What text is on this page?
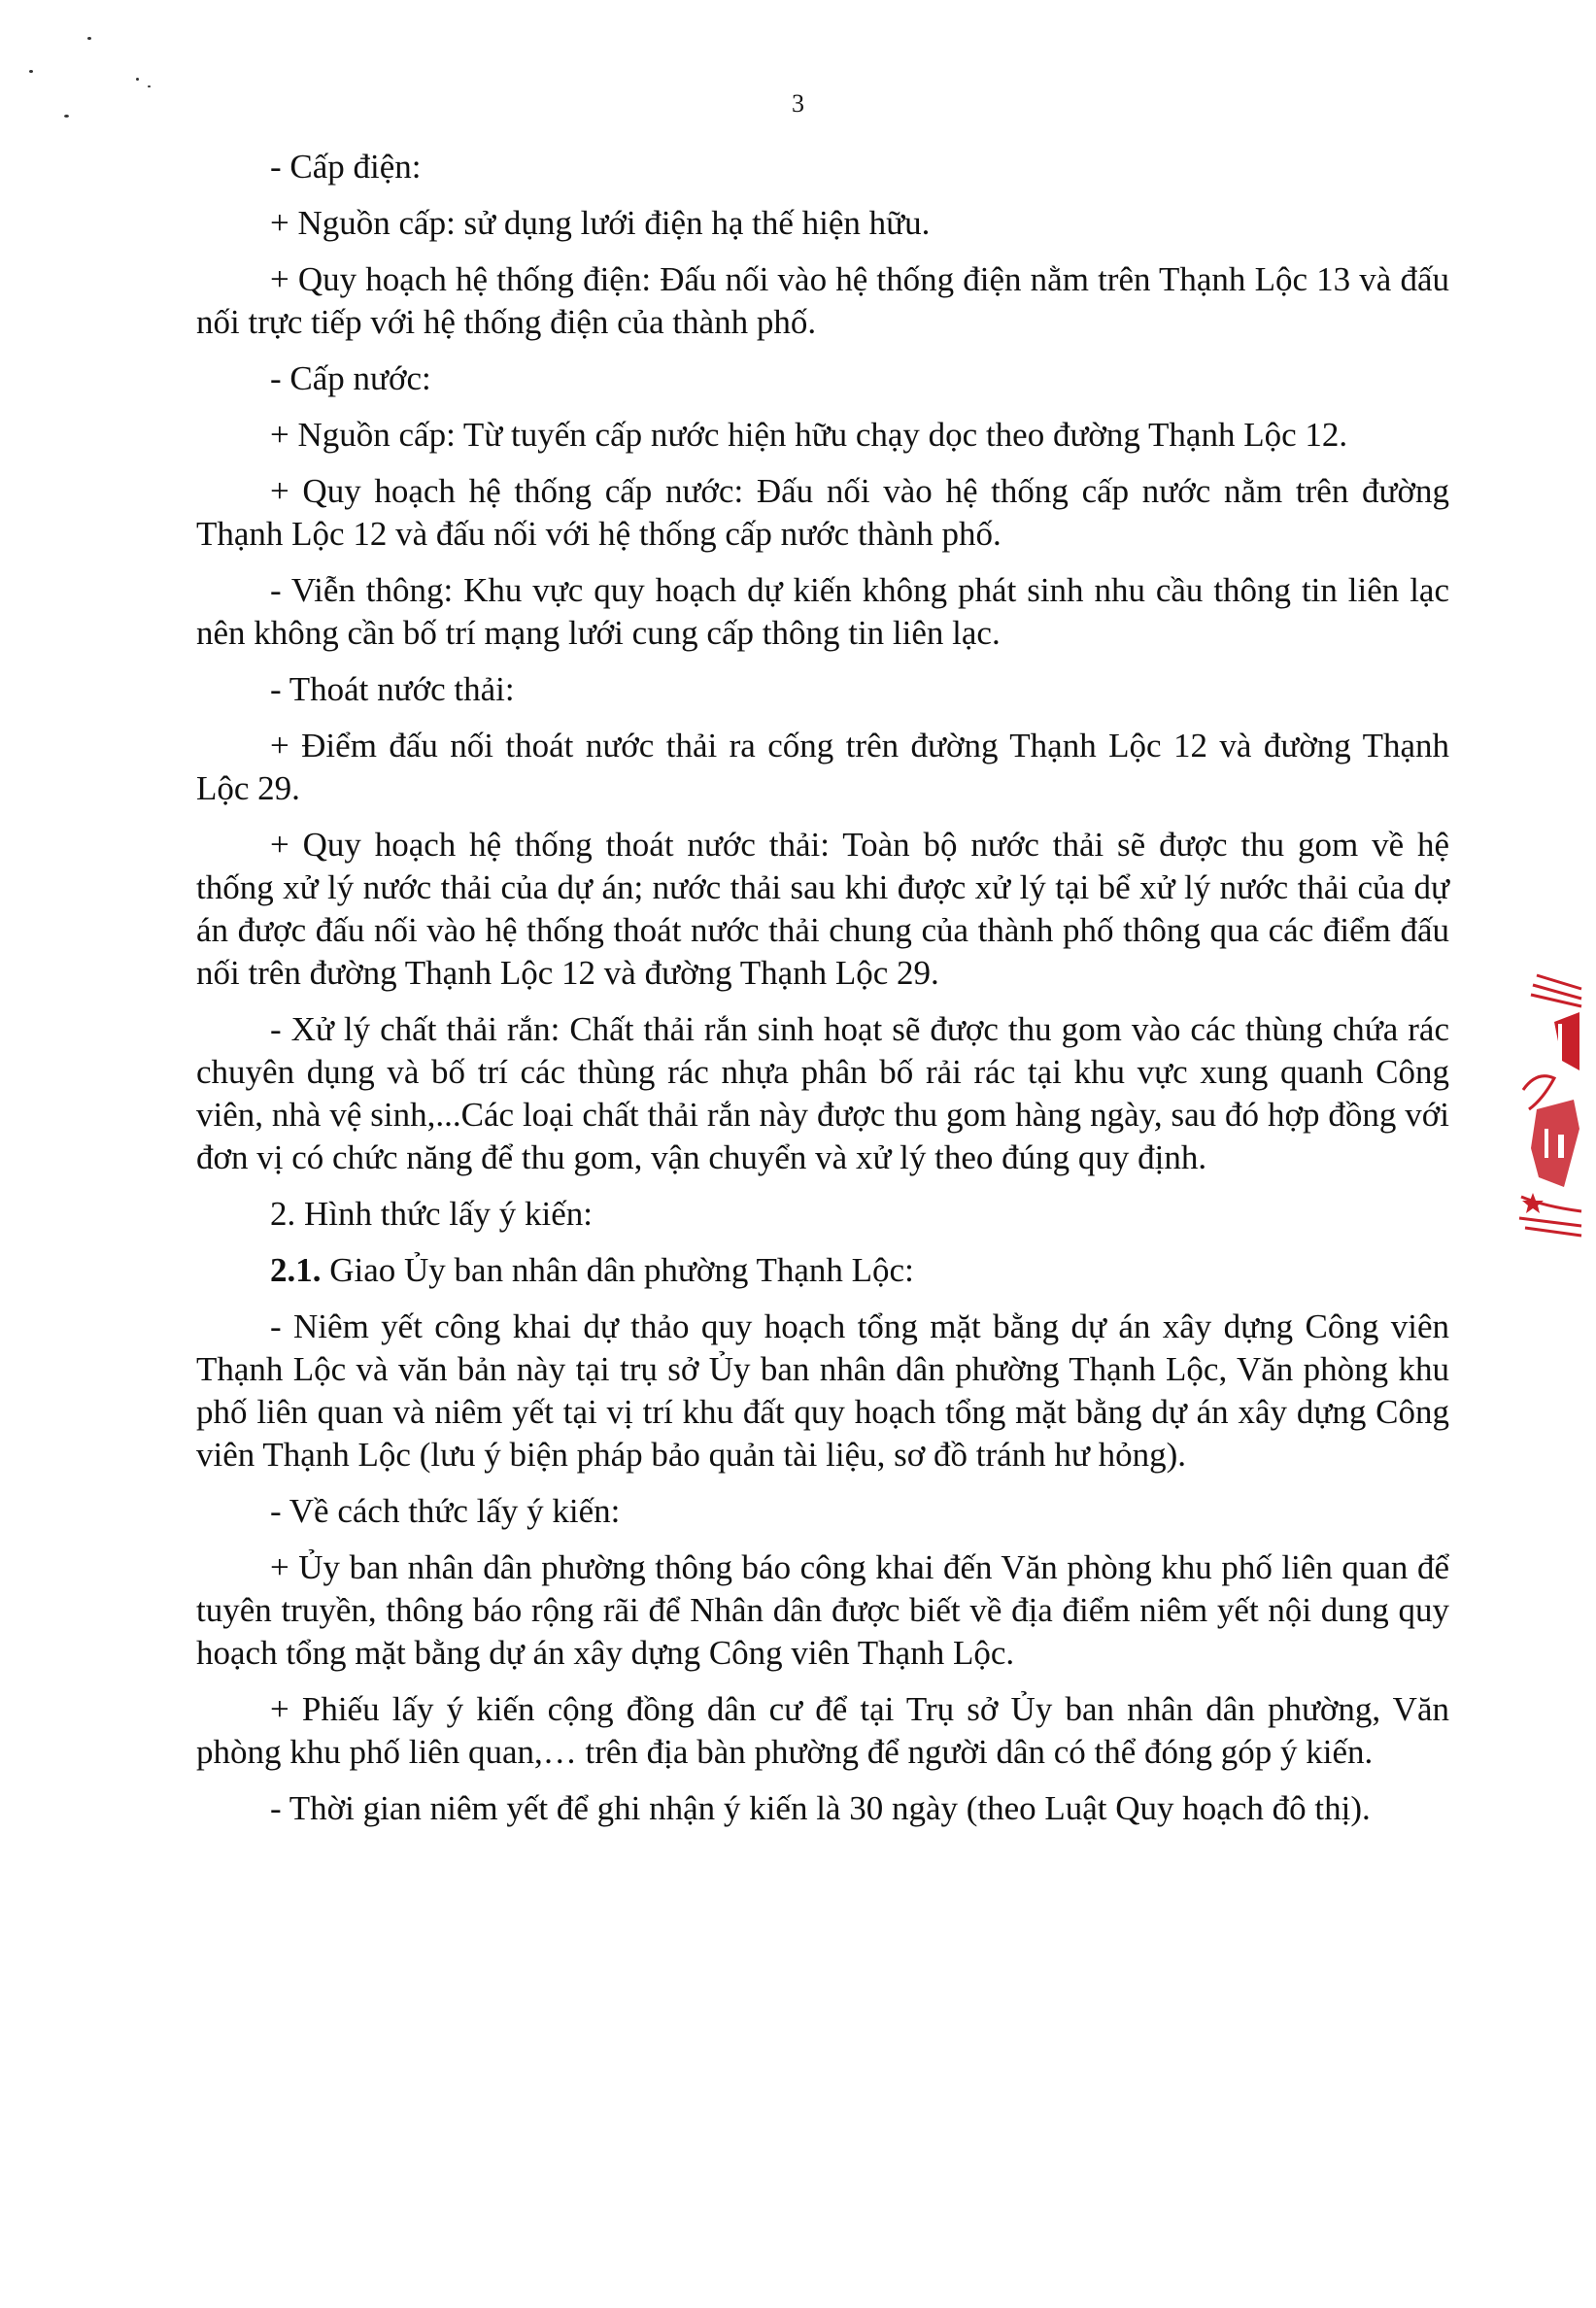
3

- Cấp điện:

+ Nguồn cấp: sử dụng lưới điện hạ thế hiện hữu.

+ Quy hoạch hệ thống điện: Đấu nối vào hệ thống điện nằm trên Thạnh Lộc 13 và đấu nối trực tiếp với hệ thống điện của thành phố.

- Cấp nước:

+ Nguồn cấp: Từ tuyến cấp nước hiện hữu chạy dọc theo đường Thạnh Lộc 12.

+ Quy hoạch hệ thống cấp nước: Đấu nối vào hệ thống cấp nước nằm trên đường Thạnh Lộc 12 và đấu nối với hệ thống cấp nước thành phố.

- Viễn thông: Khu vực quy hoạch dự kiến không phát sinh nhu cầu thông tin liên lạc nên không cần bố trí mạng lưới cung cấp thông tin liên lạc.

- Thoát nước thải:

+ Điểm đấu nối thoát nước thải ra cống trên đường Thạnh Lộc 12 và đường Thạnh Lộc 29.

+ Quy hoạch hệ thống thoát nước thải: Toàn bộ nước thải sẽ được thu gom về hệ thống xử lý nước thải của dự án; nước thải sau khi được xử lý tại bể xử lý nước thải của dự án được đấu nối vào hệ thống thoát nước thải chung của thành phố thông qua các điểm đấu nối trên đường Thạnh Lộc 12 và đường Thạnh Lộc 29.

- Xử lý chất thải rắn: Chất thải rắn sinh hoạt sẽ được thu gom vào các thùng chứa rác chuyên dụng và bố trí các thùng rác nhựa phân bố rải rác tại khu vực xung quanh Công viên, nhà vệ sinh,...Các loại chất thải rắn này được thu gom hàng ngày, sau đó hợp đồng với đơn vị có chức năng để thu gom, vận chuyển và xử lý theo đúng quy định.

2. Hình thức lấy ý kiến:

2.1. Giao Ủy ban nhân dân phường Thạnh Lộc:

- Niêm yết công khai dự thảo quy hoạch tổng mặt bằng dự án xây dựng Công viên Thạnh Lộc và văn bản này tại trụ sở Ủy ban nhân dân phường Thạnh Lộc, Văn phòng khu phố liên quan và niêm yết tại vị trí khu đất quy hoạch tổng mặt bằng dự án xây dựng Công viên Thạnh Lộc (lưu ý biện pháp bảo quản tài liệu, sơ đồ tránh hư hỏng).

- Về cách thức lấy ý kiến:

+ Ủy ban nhân dân phường thông báo công khai đến Văn phòng khu phố liên quan để tuyên truyền, thông báo rộng rãi để Nhân dân được biết về địa điểm niêm yết nội dung quy hoạch tổng mặt bằng dự án xây dựng Công viên Thạnh Lộc.

+ Phiếu lấy ý kiến cộng đồng dân cư để tại Trụ sở Ủy ban nhân dân phường, Văn phòng khu phố liên quan,… trên địa bàn phường để người dân có thể đóng góp ý kiến.

- Thời gian niêm yết để ghi nhận ý kiến là 30 ngày (theo Luật Quy hoạch đô thị).
